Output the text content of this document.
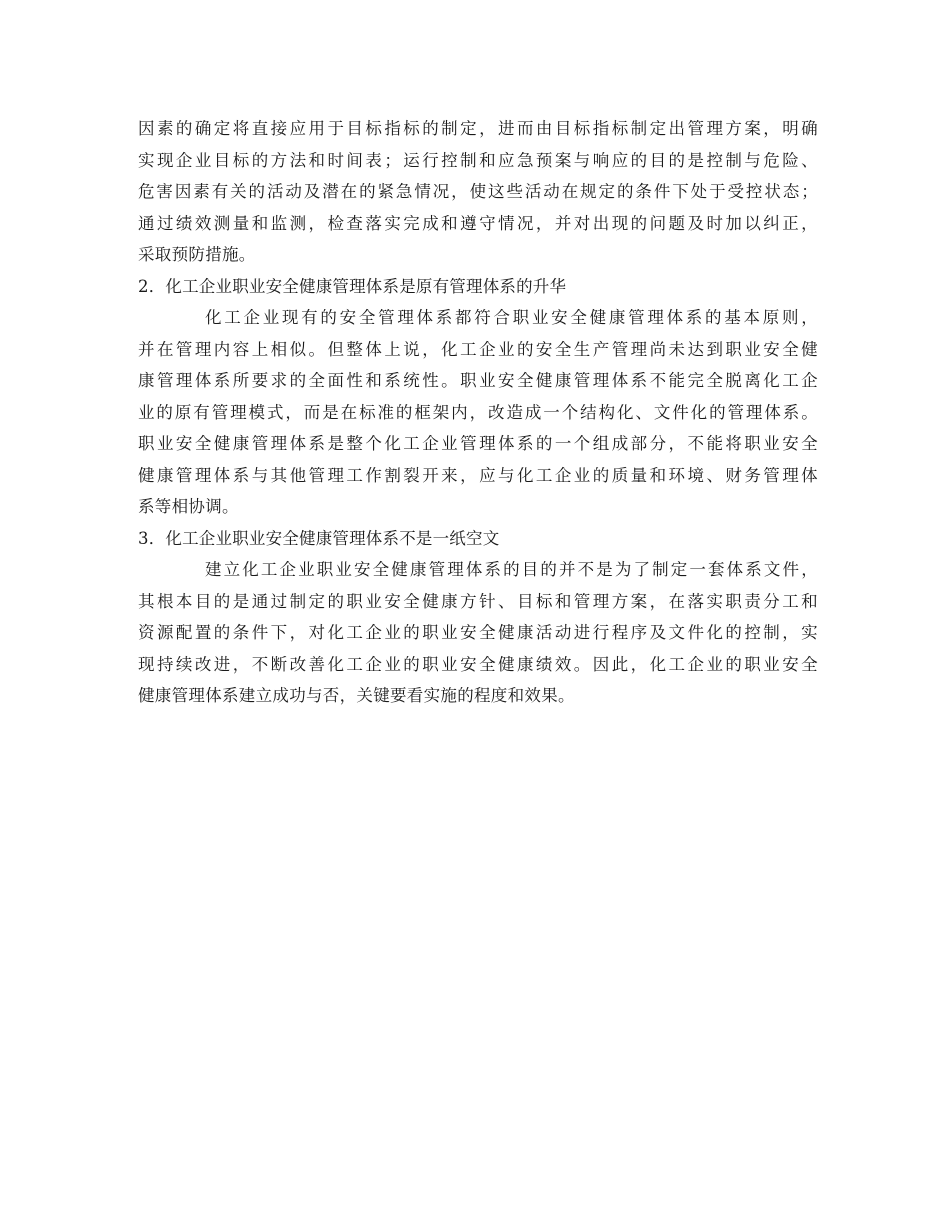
因素的确定将直接应用于目标指标的制定，进而由目标指标制定出管理方案，明确
实现企业目标的方法和时间表；运行控制和应急预案与响应的目的是控制与危险、
危害因素有关的活动及潜在的紧急情况，使这些活动在规定的条件下处于受控状态；
通过绩效测量和监测，检查落实完成和遵守情况，并对出现的问题及时加以纠正，
采取预防措施。
2．化工企业职业安全健康管理体系是原有管理体系的升华
化工企业现有的安全管理体系都符合职业安全健康管理体系的基本原则，
并在管理内容上相似。但整体上说，化工企业的安全生产管理尚未达到职业安全健
康管理体系所要求的全面性和系统性。职业安全健康管理体系不能完全脱离化工企
业的原有管理模式，而是在标准的框架内，改造成一个结构化、文件化的管理体系。
职业安全健康管理体系是整个化工企业管理体系的一个组成部分，不能将职业安全
健康管理体系与其他管理工作割裂开来，应与化工企业的质量和环境、财务管理体
系等相协调。
3．化工企业职业安全健康管理体系不是一纸空文
建立化工企业职业安全健康管理体系的目的并不是为了制定一套体系文件，
其根本目的是通过制定的职业安全健康方针、目标和管理方案，在落实职责分工和
资源配置的条件下，对化工企业的职业安全健康活动进行程序及文件化的控制，实
现持续改进，不断改善化工企业的职业安全健康绩效。因此，化工企业的职业安全
健康管理体系建立成功与否，关键要看实施的程度和效果。
